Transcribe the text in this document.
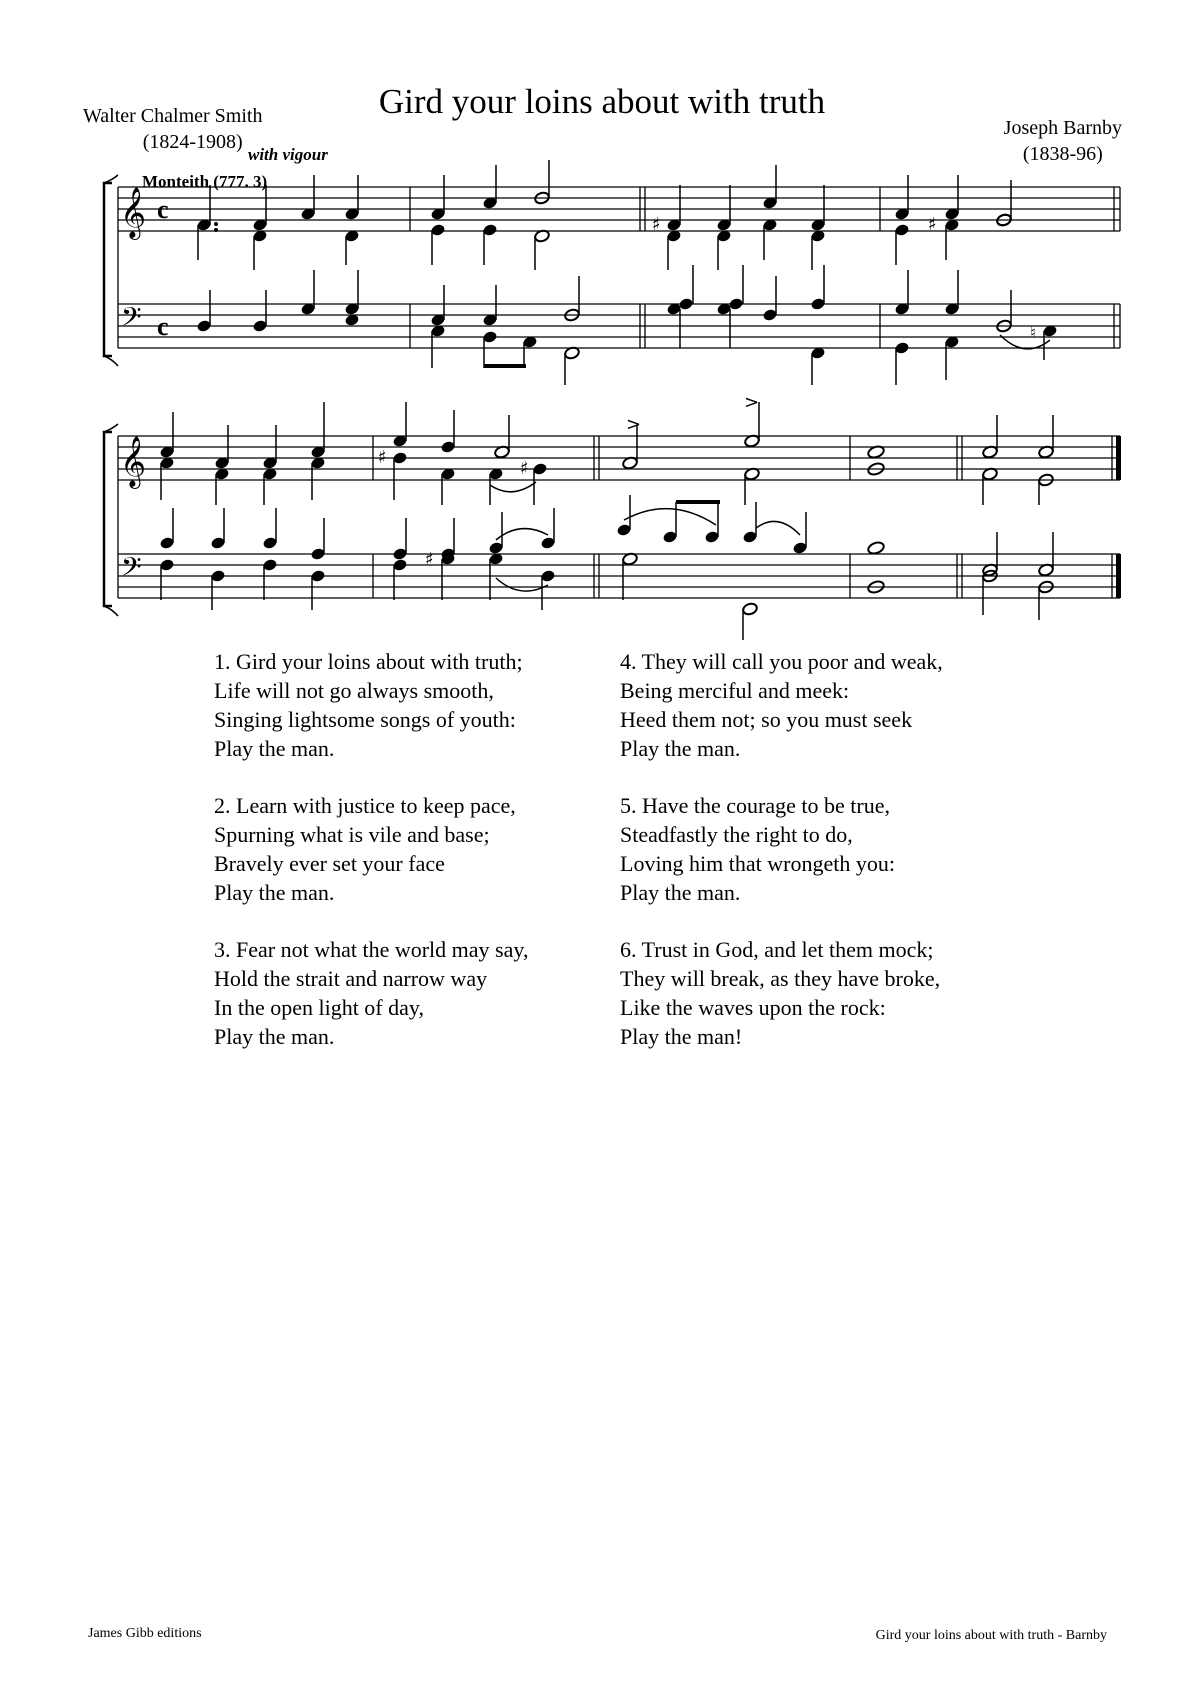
Gird your loins about with truth
Walter Chalmer Smith
(1824-1908)
Joseph Barnby
(1838-96)
with vigour
Monteith (777. 3)
𝄞
𝄞
𝄢
𝄢
c
c
♯	♯
♮
♯
♯
>
>
♯
1. Gird your loins about with truth;
Life will not go always smooth,
Singing lightsome songs of youth:
Play the man.
2. Learn with justice to keep pace,
Spurning what is vile and base;
Bravely ever set your face
Play the man.
3. Fear not what the world may say,
Hold the strait and narrow way
In the open light of day,
Play the man.
4. They will call you poor and weak,
Being merciful and meek:
Heed them not; so you must seek
Play the man.
5. Have the courage to be true,
Steadfastly the right to do,
Loving him that wrongeth you:
Play the man.
6. Trust in God, and let them mock;
They will break, as they have broke,
Like the waves upon the rock:
Play the man!
James Gibb editions	Gird your loins about with truth - Barnby
